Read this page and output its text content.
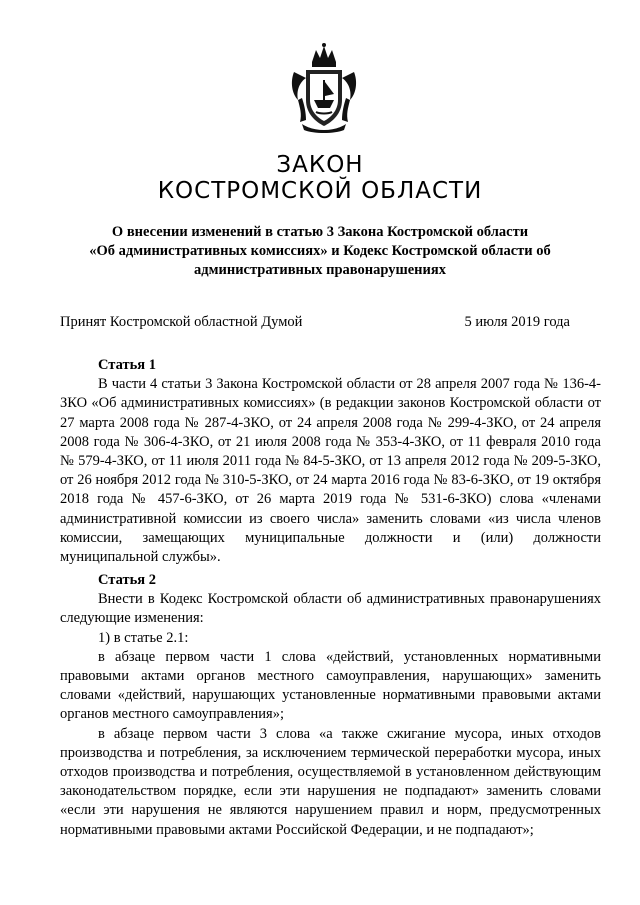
ЗАКОН
КОСТРОМСКОЙ ОБЛАСТИ
О внесении изменений в статью 3 Закона Костромской области
«Об административных комиссиях» и Кодекс Костромской области об
административных правонарушениях
Принят Костромской областной Думой	5 июля 2019 года
Статья 1

В части 4 статьи 3 Закона Костромской области от 28 апреля 2007 года № 136-4-ЗКО «Об административных комиссиях» (в редакции законов Костромской области от 27 марта 2008 года № 287-4-ЗКО, от 24 апреля 2008 года № 299-4-ЗКО, от 24 апреля 2008 года № 306-4-ЗКО, от 21 июля 2008 года № 353-4-ЗКО, от 11 февраля 2010 года № 579-4-ЗКО, от 11 июля 2011 года № 84-5-ЗКО, от 13 апреля 2012 года № 209-5-ЗКО, от 26 ноября 2012 года № 310-5-ЗКО, от 24 марта 2016 года № 83-6-ЗКО, от 19 октября 2018 года № 457-6-ЗКО, от 26 марта 2019 года № 531-6-ЗКО) слова «членами административной комиссии из своего числа» заменить словами «из числа членов комиссии, замещающих муниципальные должности и (или) должности муниципальной службы».

Статья 2

Внести в Кодекс Костромской области об административных правонарушениях следующие изменения:

1) в статье 2.1:

в абзаце первом части 1 слова «действий, установленных нормативными правовыми актами органов местного самоуправления, нарушающих» заменить словами «действий, нарушающих установленные нормативными правовыми актами органов местного самоуправления»;

в абзаце первом части 3 слова «а также сжигание мусора, иных отходов производства и потребления, за исключением термической переработки мусора, иных отходов производства и потребления, осуществляемой в установленном действующим законодательством порядке, если эти нарушения не подпадают» заменить словами «если эти нарушения не являются нарушением правил и норм, предусмотренных нормативными правовыми актами Российской Федерации, и не подпадают»;
